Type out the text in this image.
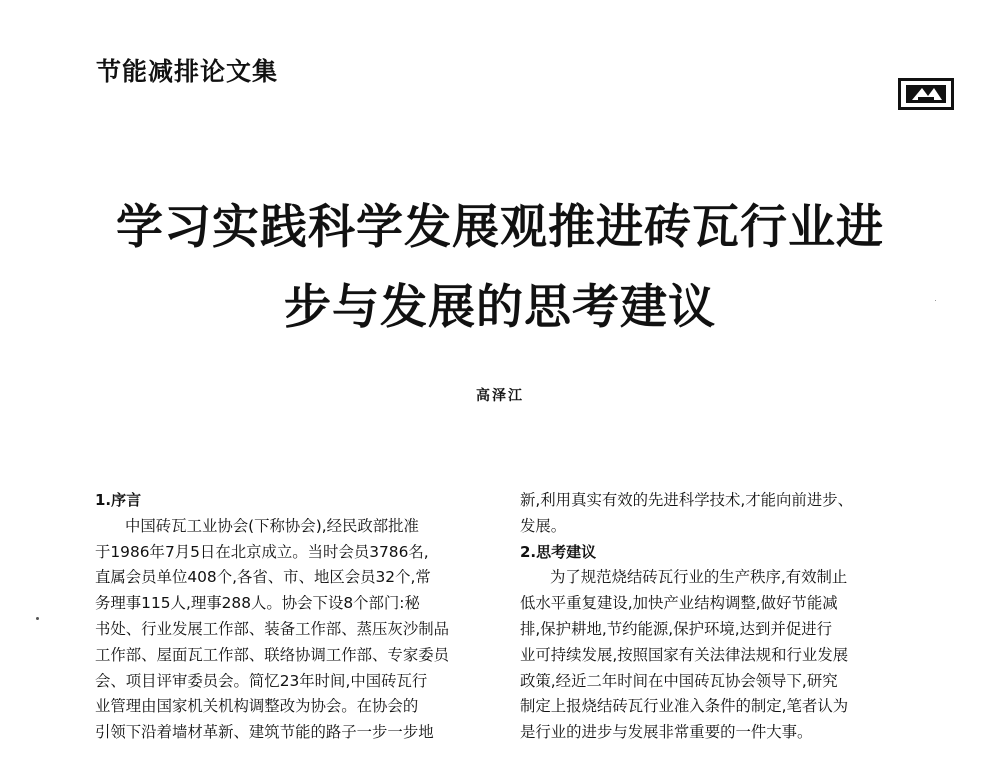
节能减排论文集
学习实践科学发展观推进砖瓦行业进
步与发展的思考建议
高泽江
1.序言
中国砖瓦工业协会(下称协会),经民政部批准
于1986年7月5日在北京成立。当时会员3786名,
直属会员单位408个,各省、市、地区会员32个,常
务理事115人,理事288人。协会下设8个部门:秘
书处、行业发展工作部、装备工作部、蒸压灰沙制品
工作部、屋面瓦工作部、联络协调工作部、专家委员
会、项目评审委员会。简忆23年时间,中国砖瓦行
业管理由国家机关机构调整改为协会。在协会的
引领下沿着墙材革新、建筑节能的路子一步一步地
新,利用真实有效的先进科学技术,才能向前进步、
发展。
2.思考建议
为了规范烧结砖瓦行业的生产秩序,有效制止
低水平重复建设,加快产业结构调整,做好节能减
排,保护耕地,节约能源,保护环境,达到并促进行
业可持续发展,按照国家有关法律法规和行业发展
政策,经近二年时间在中国砖瓦协会领导下,研究
制定上报烧结砖瓦行业准入条件的制定,笔者认为
是行业的进步与发展非常重要的一件大事。
